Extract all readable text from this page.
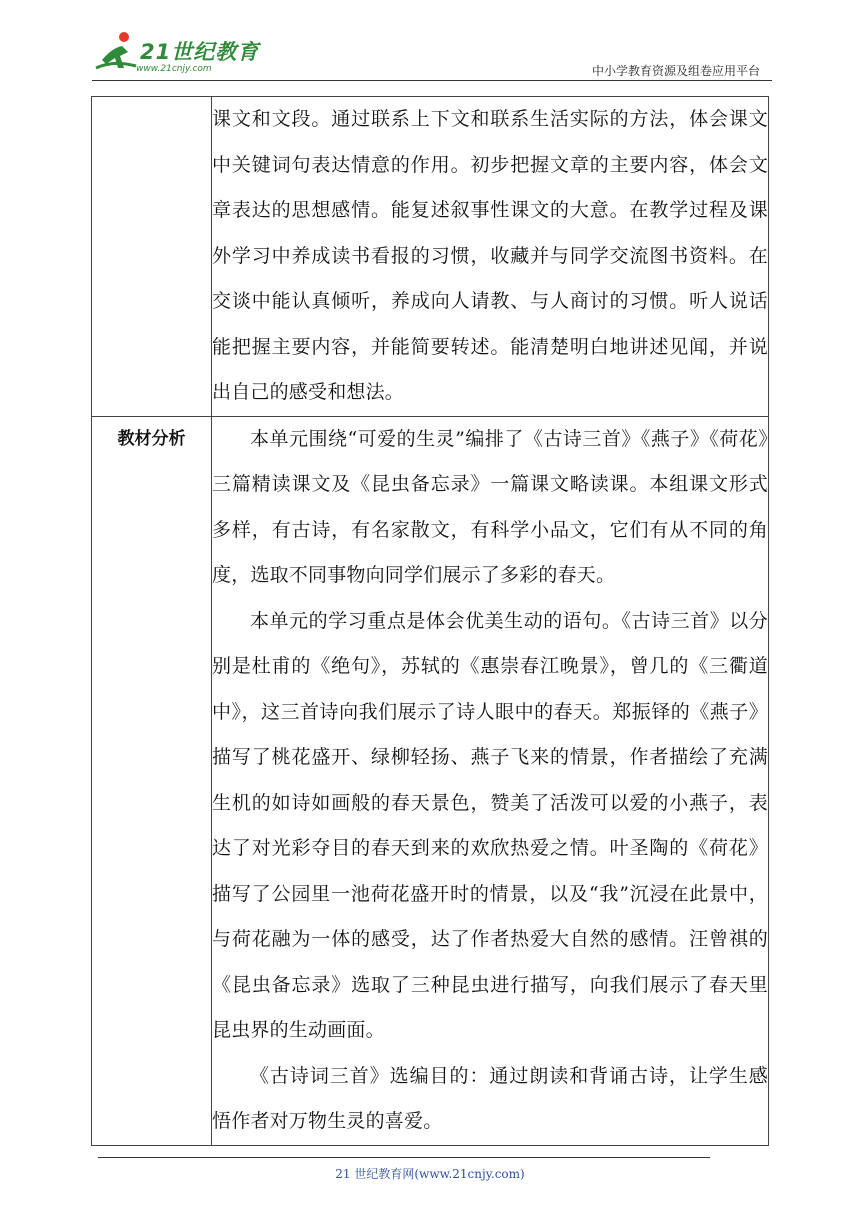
21世纪教育
www.21cnjy.com	中小学教育资源及组卷应用平台

	课文和文段。通过联系上下文和联系生活实际的方法，体会课文中关键词句表达情意的作用。初步把握文章的主要内容，体会文章表达的思想感情。能复述叙事性课文的大意。在教学过程及课外学习中养成读书看报的习惯，收藏并与同学交流图书资料。在交谈中能认真倾听，养成向人请教、与人商讨的习惯。听人说话能把握主要内容，并能简要转述。能清楚明白地讲述见闻，并说出自己的感受和想法。

教材分析	本单元围绕“可爱的生灵”编排了《古诗三首》《燕子》《荷花》三篇精读课文及《昆虫备忘录》一篇课文略读课。本组课文形式多样，有古诗，有名家散文，有科学小品文，它们有从不同的角度，选取不同事物向同学们展示了多彩的春天。

本单元的学习重点是体会优美生动的语句。《古诗三首》以分别是杜甫的《绝句》，苏轼的《惠崇春江晚景》，曾几的《三衢道中》，这三首诗向我们展示了诗人眼中的春天。郑振铎的《燕子》描写了桃花盛开、绿柳轻扬、燕子飞来的情景，作者描绘了充满生机的如诗如画般的春天景色，赞美了活泼可以爱的小燕子，表达了对光彩夺目的春天到来的欢欣热爱之情。叶圣陶的《荷花》描写了公园里一池荷花盛开时的情景，以及“我”沉浸在此景中，与荷花融为一体的感受，达了作者热爱大自然的感情。汪曾祺的《昆虫备忘录》选取了三种昆虫进行描写，向我们展示了春天里昆虫界的生动画面。

《古诗词三首》选编目的：通过朗读和背诵古诗，让学生感悟作者对万物生灵的喜爱。

21 世纪教育网(www.21cnjy.com)
